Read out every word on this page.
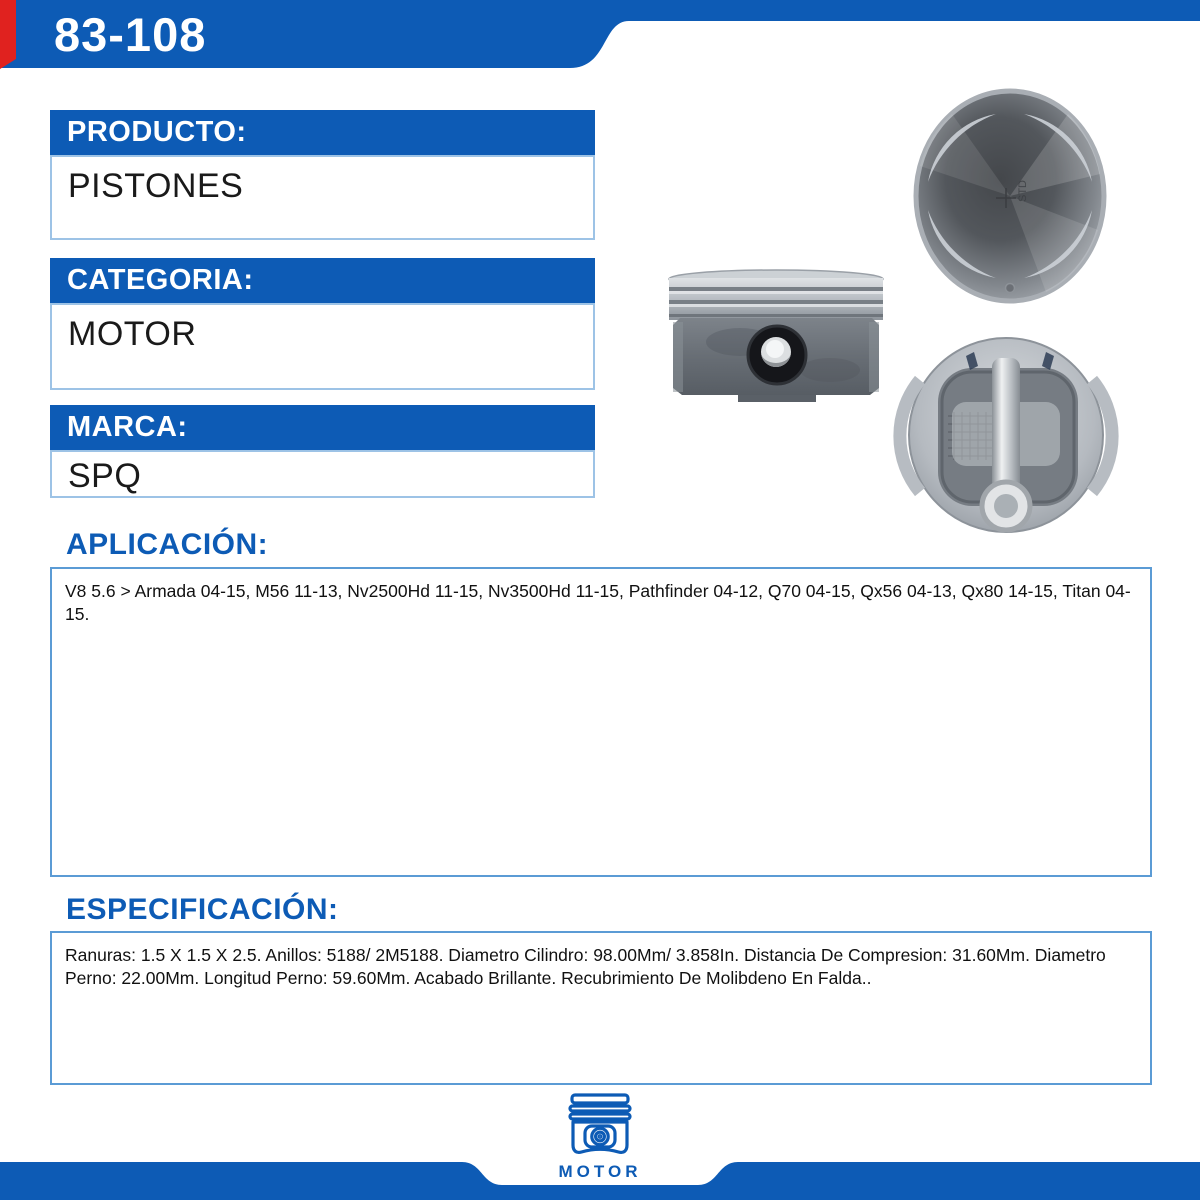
83-108
PRODUCTO:
PISTONES
CATEGORIA:
MOTOR
MARCA:
SPQ
STD
APLICACIÓN:
V8 5.6 > Armada 04-15, M56 11-13, Nv2500Hd 11-15, Nv3500Hd 11-15, Pathfinder 04-12, Q70 04-15, Qx56 04-13, Qx80 14-15, Titan 04-15.
ESPECIFICACIÓN:
Ranuras: 1.5 X 1.5 X 2.5. Anillos: 5188/ 2M5188. Diametro Cilindro: 98.00Mm/ 3.858In. Distancia De Compresion: 31.60Mm. Diametro Perno: 22.00Mm. Longitud Perno: 59.60Mm. Acabado Brillante. Recubrimiento De Molibdeno En Falda..
MOTOR
